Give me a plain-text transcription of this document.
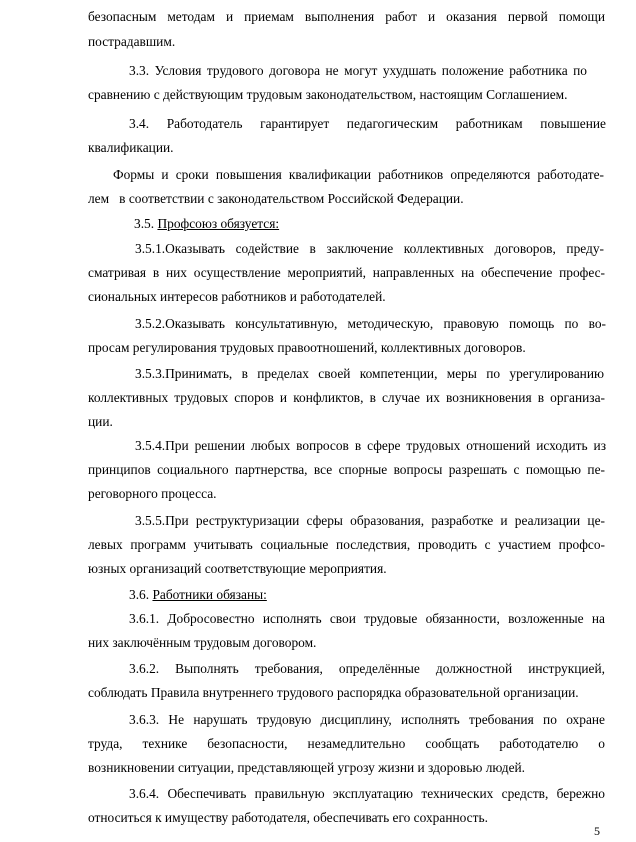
безопасным методам и приемам выполнения работ и оказания первой помощи
пострадавшим.
3.3. Условия трудового договора не могут ухудшать положение работника по
сравнению с действующим трудовым законодательством, настоящим Соглашением.
3.4. Работодатель гарантирует педагогическим работникам повышение
квалификации.
Формы и сроки повышения квалификации работников определяются работодате-
лем   в соответствии с законодательством Российской Федерации.
3.5. Профсоюз обязуется:
3.5.1.Оказывать содействие в заключение коллективных договоров, преду-
сматривая в них осуществление мероприятий, направленных на обеспечение профес-
сиональных интересов работников и работодателей.
3.5.2.Оказывать консультативную, методическую, правовую помощь по во-
просам регулирования трудовых правоотношений, коллективных договоров.
3.5.3.Принимать, в пределах своей компетенции, меры по урегулированию
коллективных трудовых споров и конфликтов, в случае их возникновения в организа-
ции.
3.5.4.При решении любых вопросов в сфере трудовых отношений исходить из
принципов социального партнерства, все спорные вопросы разрешать с помощью пе-
реговорного процесса.
3.5.5.При реструктуризации сферы образования, разработке и реализации це-
левых программ учитывать социальные последствия, проводить с участием профсо-
юзных организаций соответствующие мероприятия.
3.6. Работники обязаны:
3.6.1. Добросовестно исполнять свои трудовые обязанности, возложенные на
них заключённым трудовым договором.
3.6.2. Выполнять требования, определённые должностной инструкцией,
соблюдать Правила внутреннего трудового распорядка образовательной организации.
3.6.3. Не нарушать трудовую дисциплину, исполнять требования по охране
труда, технике безопасности, незамедлительно сообщать работодателю о
возникновении ситуации, представляющей угрозу жизни и здоровью людей.
3.6.4. Обеспечивать правильную эксплуатацию технических средств, бережно
относиться к имуществу работодателя, обеспечивать его сохранность.
5
